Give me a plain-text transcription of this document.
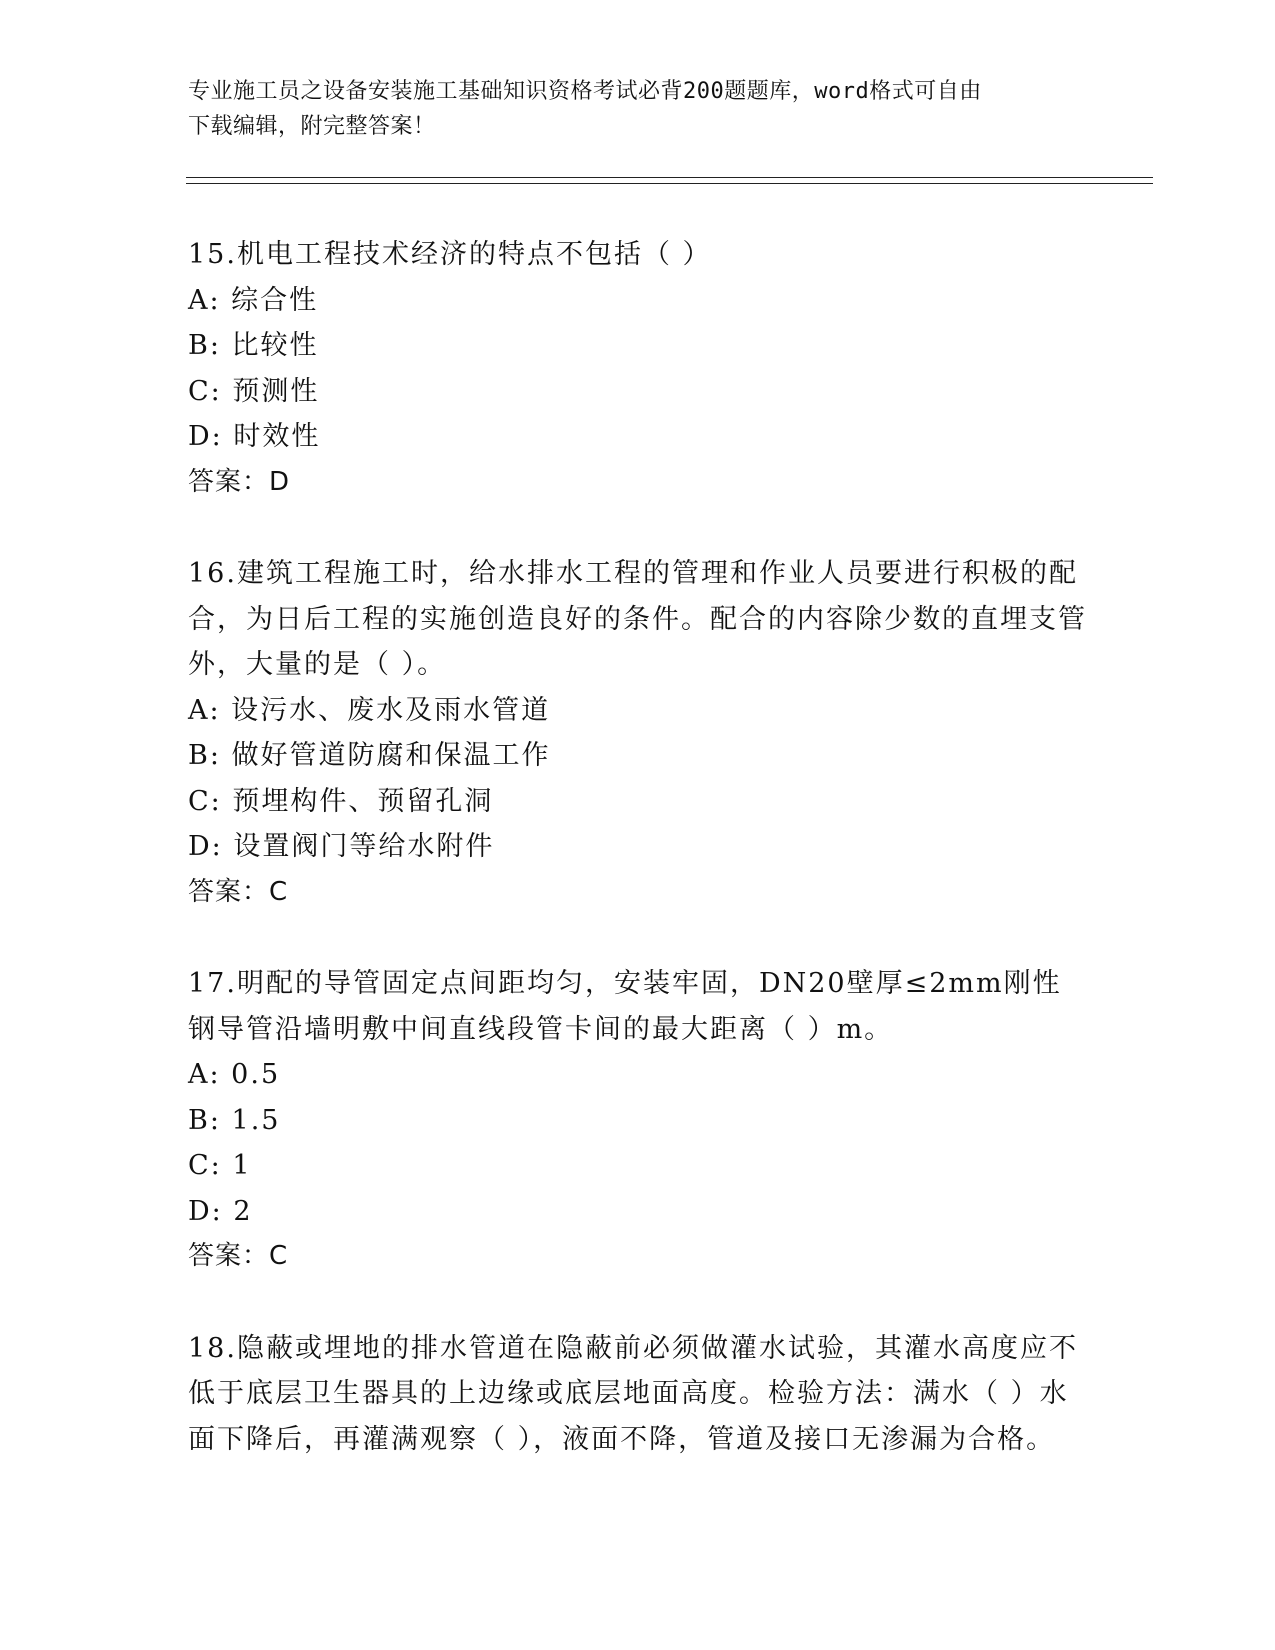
专业施工员之设备安装施工基础知识资格考试必背200题题库，word格式可自由
下载编辑，附完整答案！
15.机电工程技术经济的特点不包括（ ）
A: 综合性
B: 比较性
C: 预测性
D: 时效性
答案：D
16.建筑工程施工时，给水排水工程的管理和作业人员要进行积极的配合，为日后工程的实施创造良好的条件。配合的内容除少数的直埋支管外，大量的是（ ）。
A: 设污水、废水及雨水管道
B: 做好管道防腐和保温工作
C: 预埋构件、预留孔洞
D: 设置阀门等给水附件
答案：C
17.明配的导管固定点间距均匀，安装牢固，DN20壁厚≤2mm刚性钢导管沿墙明敷中间直线段管卡间的最大距离（ ）m。
A: 0.5
B: 1.5
C: 1
D: 2
答案：C
18.隐蔽或埋地的排水管道在隐蔽前必须做灌水试验，其灌水高度应不低于底层卫生器具的上边缘或底层地面高度。检验方法：满水（ ）水面下降后，再灌满观察（ ），液面不降，管道及接口无渗漏为合格。
